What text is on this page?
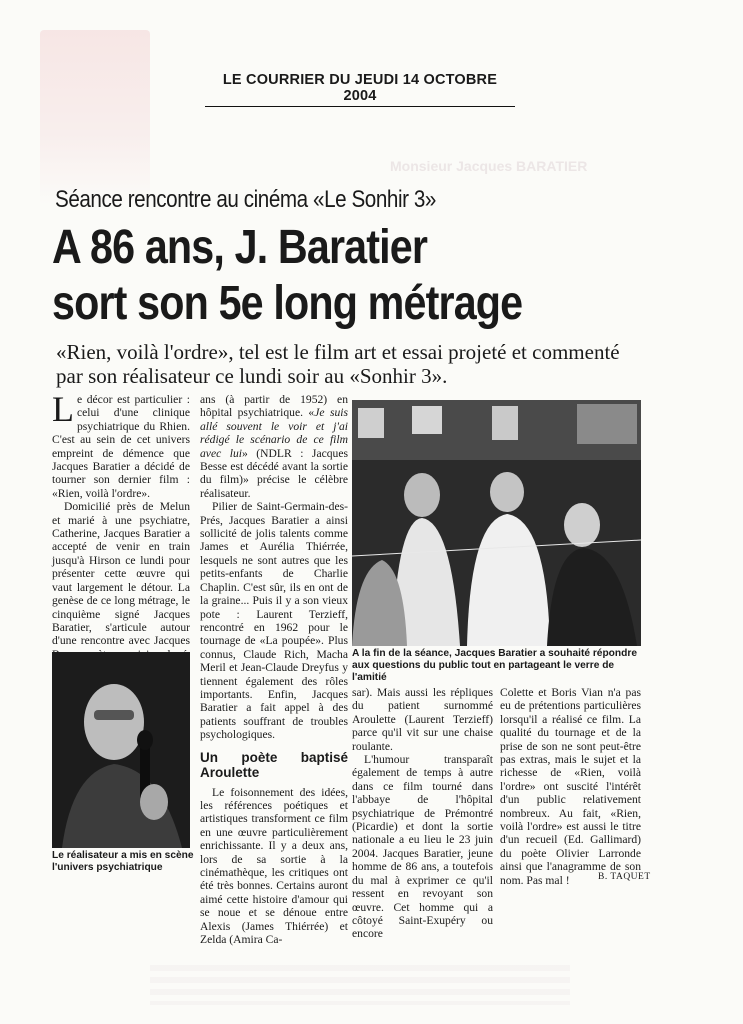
Monsieur Jacques BARATIER
LE COURRIER DU JEUDI 14 OCTOBRE 2004
Séance rencontre au cinéma «Le Sonhir 3»
A 86 ans, J. Baratier
sort son 5e long métrage
«Rien, voilà l'ordre», tel est le film art et essai projeté et commenté par son réalisateur ce lundi soir au «Sonhir 3».

Le décor est particulier : celui d'une clinique psychiatrique du Rhien. C'est au sein de cet univers empreint de démence que Jacques Baratier a décidé de tourner son dernier film : «Rien, voilà l'ordre».

Domicilié près de Melun et marié à une psychiatre, Catherine, Jacques Baratier a accepté de venir en train jusqu'à Hirson ce lundi pour présenter cette œuvre qui vaut largement le détour. La genèse de ce long métrage, le cinquième signé Jacques Baratier, s'articule autour d'une rencontre avec Jacques

Le réalisateur a mis en scène l'univers psychiatrique

ans (à partir de 1952) en hôpital psychiatrique. «Je suis allé souvent le voir et j'ai rédigé le scénario de ce film avec lui» (NDLR : Jacques Besse est décédé avant la sortie du film)» précise le célèbre réalisateur.

Pilier de Saint-Germain-des-Prés, Jacques Baratier a ainsi sollicité de jolis talents comme James et Aurélia Thiérrée, lesquels ne sont autres que les petits-enfants de Charlie Chaplin. C'est sûr, ils en ont de la graine... Puis il y a son vieux pote : Laurent Terzieff, rencontré en 1962 pour le tournage de «La poupée». Plus connus, Claude Rich, Macha Meril et Jean-Claude Dreyfus y tiennent également des rôles importants. Enfin, Jacques Baratier a fait appel à des patients souffrant de troubles psychologiques.

Un poète baptisé Aroulette

Le foisonnement des idées, les références poétiques et artistiques transforment ce film en une œuvre particulièrement enrichissante. Il y a deux ans, lors de sa sortie à la cinémathèque, les critiques ont été très bonnes. Certains auront aimé cette histoire d'amour qui se noue et se dénoue entre Alexis (James Thiérrée) et Zelda (Amira Ca-

A la fin de la séance, Jacques Baratier a souhaité répondre aux questions du public tout en partageant le verre de l'amitié

sar). Mais aussi les répliques du patient surnommé Aroulette (Laurent Terzieff) parce qu'il vit sur une chaise roulante.

L'humour transparaît également de temps à autre dans ce film tourné dans l'abbaye de l'hôpital psychiatrique de Prémontré (Picardie) et dont la sortie nationale a eu lieu le 23 juin 2004. Jacques Baratier, jeune homme de 86 ans, a toutefois du mal à exprimer ce qu'il ressent en revoyant son œuvre. Cet homme qui a côtoyé Saint-Exupéry ou encore

Colette et Boris Vian n'a pas eu de prétentions particulières lorsqu'il a réalisé ce film. La qualité du tournage et de la prise de son ne sont peut-être pas extras, mais le sujet et la richesse de «Rien, voilà l'ordre» ont suscité l'intérêt d'un public relativement nombreux. Au fait, «Rien, voilà l'ordre» est aussi le titre d'un recueil (Ed. Gallimard) du poète Olivier Larronde ainsi que l'anagramme de son nom. Pas mal !	B. TAQUET
